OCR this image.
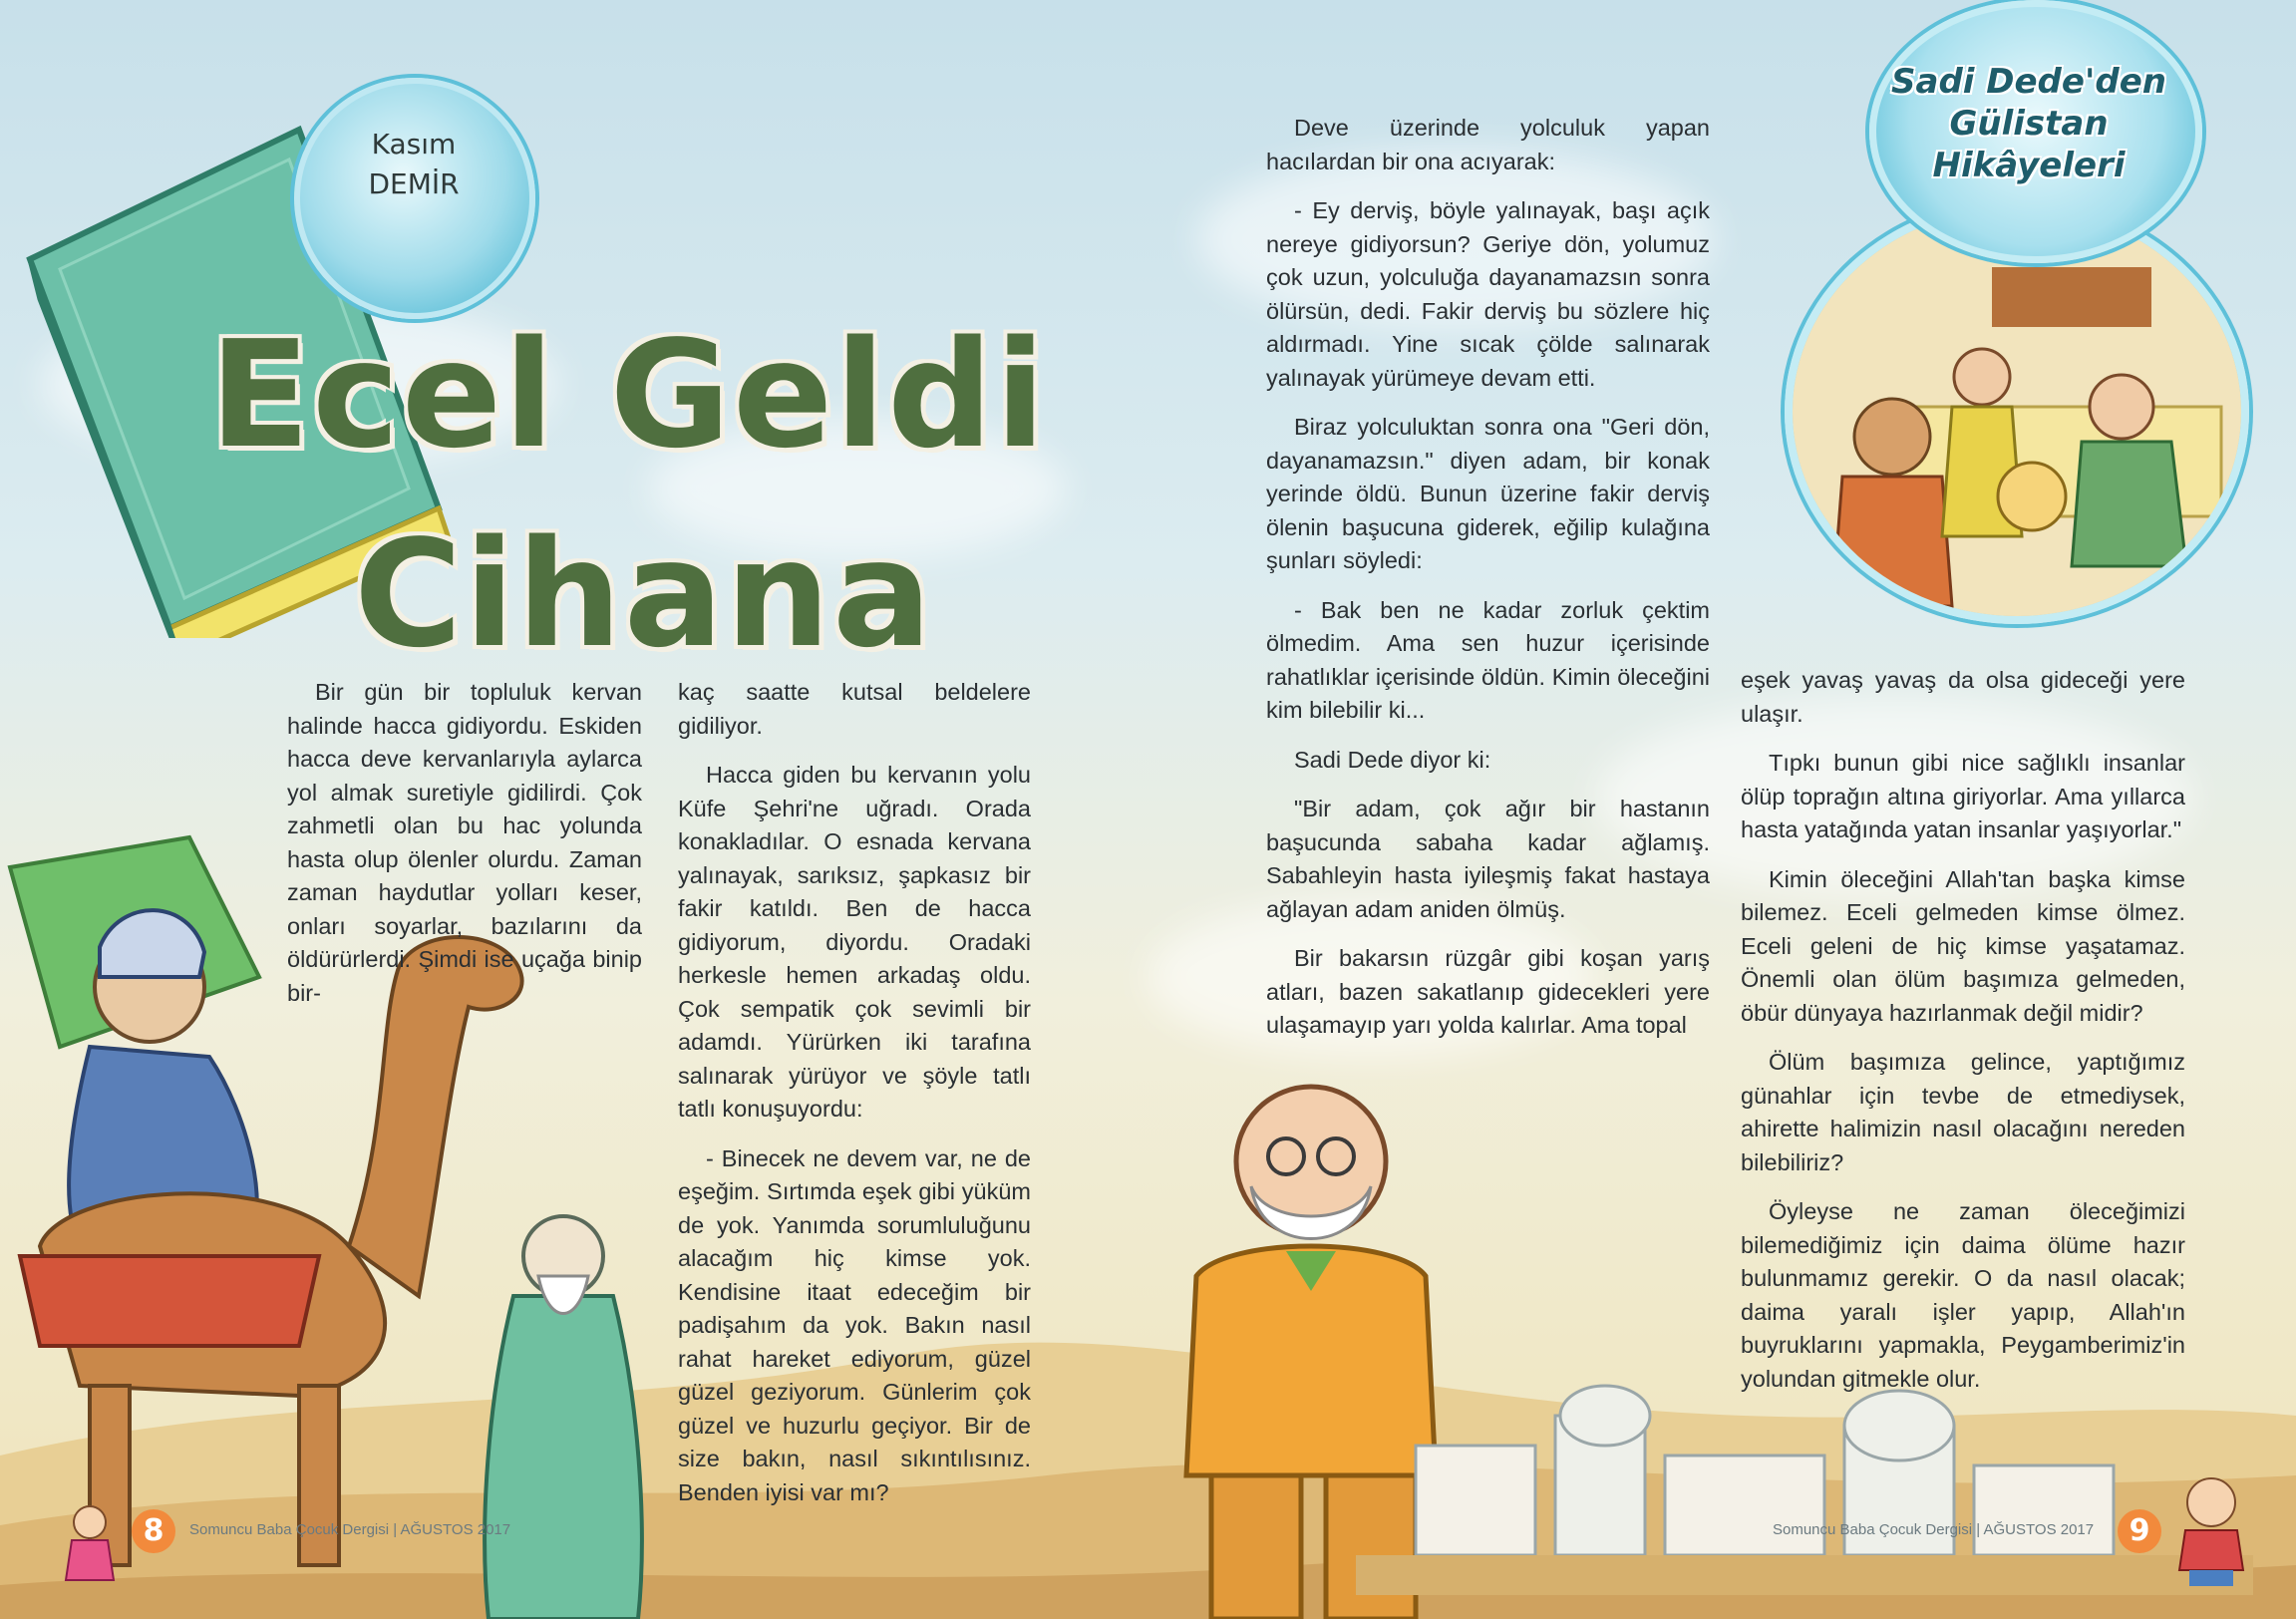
Kasım
DEMİR
Ecel Geldi
Cihana
Sadi Dede'den
Gülistan
Hikâyeleri

Bir gün bir topluluk kervan halinde hacca gidiyordu. Eskiden hacca deve kervanlarıyla aylarca yol almak suretiyle gidilirdi. Çok zahmetli olan bu hac yolunda hasta olup ölenler olurdu. Zaman zaman haydutlar yolları keser, onları soyarlar, bazılarını da öldürürlerdi. Şimdi ise uçağa binip bir-

kaç saatte kutsal beldelere gidiliyor.

Hacca giden bu kervanın yolu Küfe Şehri'ne uğradı. Orada konakladılar. O esnada kervana yalınayak, sarıksız, şapkasız bir fakir katıldı. Ben de hacca gidiyorum, diyordu. Oradaki herkesle hemen arkadaş oldu. Çok sempatik çok sevimli bir adamdı. Yürürken iki tarafına salınarak yürüyor ve şöyle tatlı tatlı konuşuyordu:

- Binecek ne devem var, ne de eşeğim. Sırtımda eşek gibi yüküm de yok. Yanımda sorumluluğunu alacağım hiç kimse yok. Kendisine itaat edeceğim bir padişahım da yok. Bakın nasıl rahat hareket ediyorum, güzel güzel geziyorum. Günlerim çok güzel ve huzurlu geçiyor. Bir de size bakın, nasıl sıkıntılısınız. Benden iyisi var mı?

Deve üzerinde yolculuk yapan hacılardan bir ona acıyarak:

- Ey derviş, böyle yalınayak, başı açık nereye gidiyorsun? Geriye dön, yolumuz çok uzun, yolculuğa dayanamazsın sonra ölürsün, dedi. Fakir derviş bu sözlere hiç aldırmadı. Yine sıcak çölde salınarak yalınayak yürümeye devam etti.

Biraz yolculuktan sonra ona "Geri dön, dayanamazsın." diyen adam, bir konak yerinde öldü. Bunun üzerine fakir derviş ölenin başucuna giderek, eğilip kulağına şunları söyledi:

- Bak ben ne kadar zorluk çektim ölmedim. Ama sen huzur içerisinde rahatlıklar içerisinde öldün. Kimin öleceğini kim bilebilir ki...

Sadi Dede diyor ki:

"Bir adam, çok ağır bir hastanın başucunda sabaha kadar ağlamış. Sabahleyin hasta iyileşmiş fakat hastaya ağlayan adam aniden ölmüş.

Bir bakarsın rüzgâr gibi koşan yarış atları, bazen sakatlanıp gidecekleri yere ulaşamayıp yarı yolda kalırlar. Ama topal

eşek yavaş yavaş da olsa gideceği yere ulaşır.

Tıpkı bunun gibi nice sağlıklı insanlar ölüp toprağın altına giriyorlar. Ama yıllarca hasta yatağında yatan insanlar yaşıyorlar."

Kimin öleceğini Allah'tan başka kimse bilemez. Eceli gelmeden kimse ölmez. Eceli geleni de hiç kimse yaşatamaz. Önemli olan ölüm başımıza gelmeden, öbür dünyaya hazırlanmak değil midir?

Ölüm başımıza gelince, yaptığımız günahlar için tevbe de etmediysek, ahirette halimizin nasıl olacağını nereden bilebiliriz?

Öyleyse ne zaman öleceğimizi bilemediğimiz için daima ölüme hazır bulunmamız gerekir. O da nasıl olacak; daima yaralı işler yapıp, Allah'ın buyruklarını yapmakla, Peygamberimiz'in yolundan gitmekle olur.

8	Somuncu Baba Çocuk Dergisi | AĞUSTOS 2017	Somuncu Baba Çocuk Dergisi | AĞUSTOS 2017	9
